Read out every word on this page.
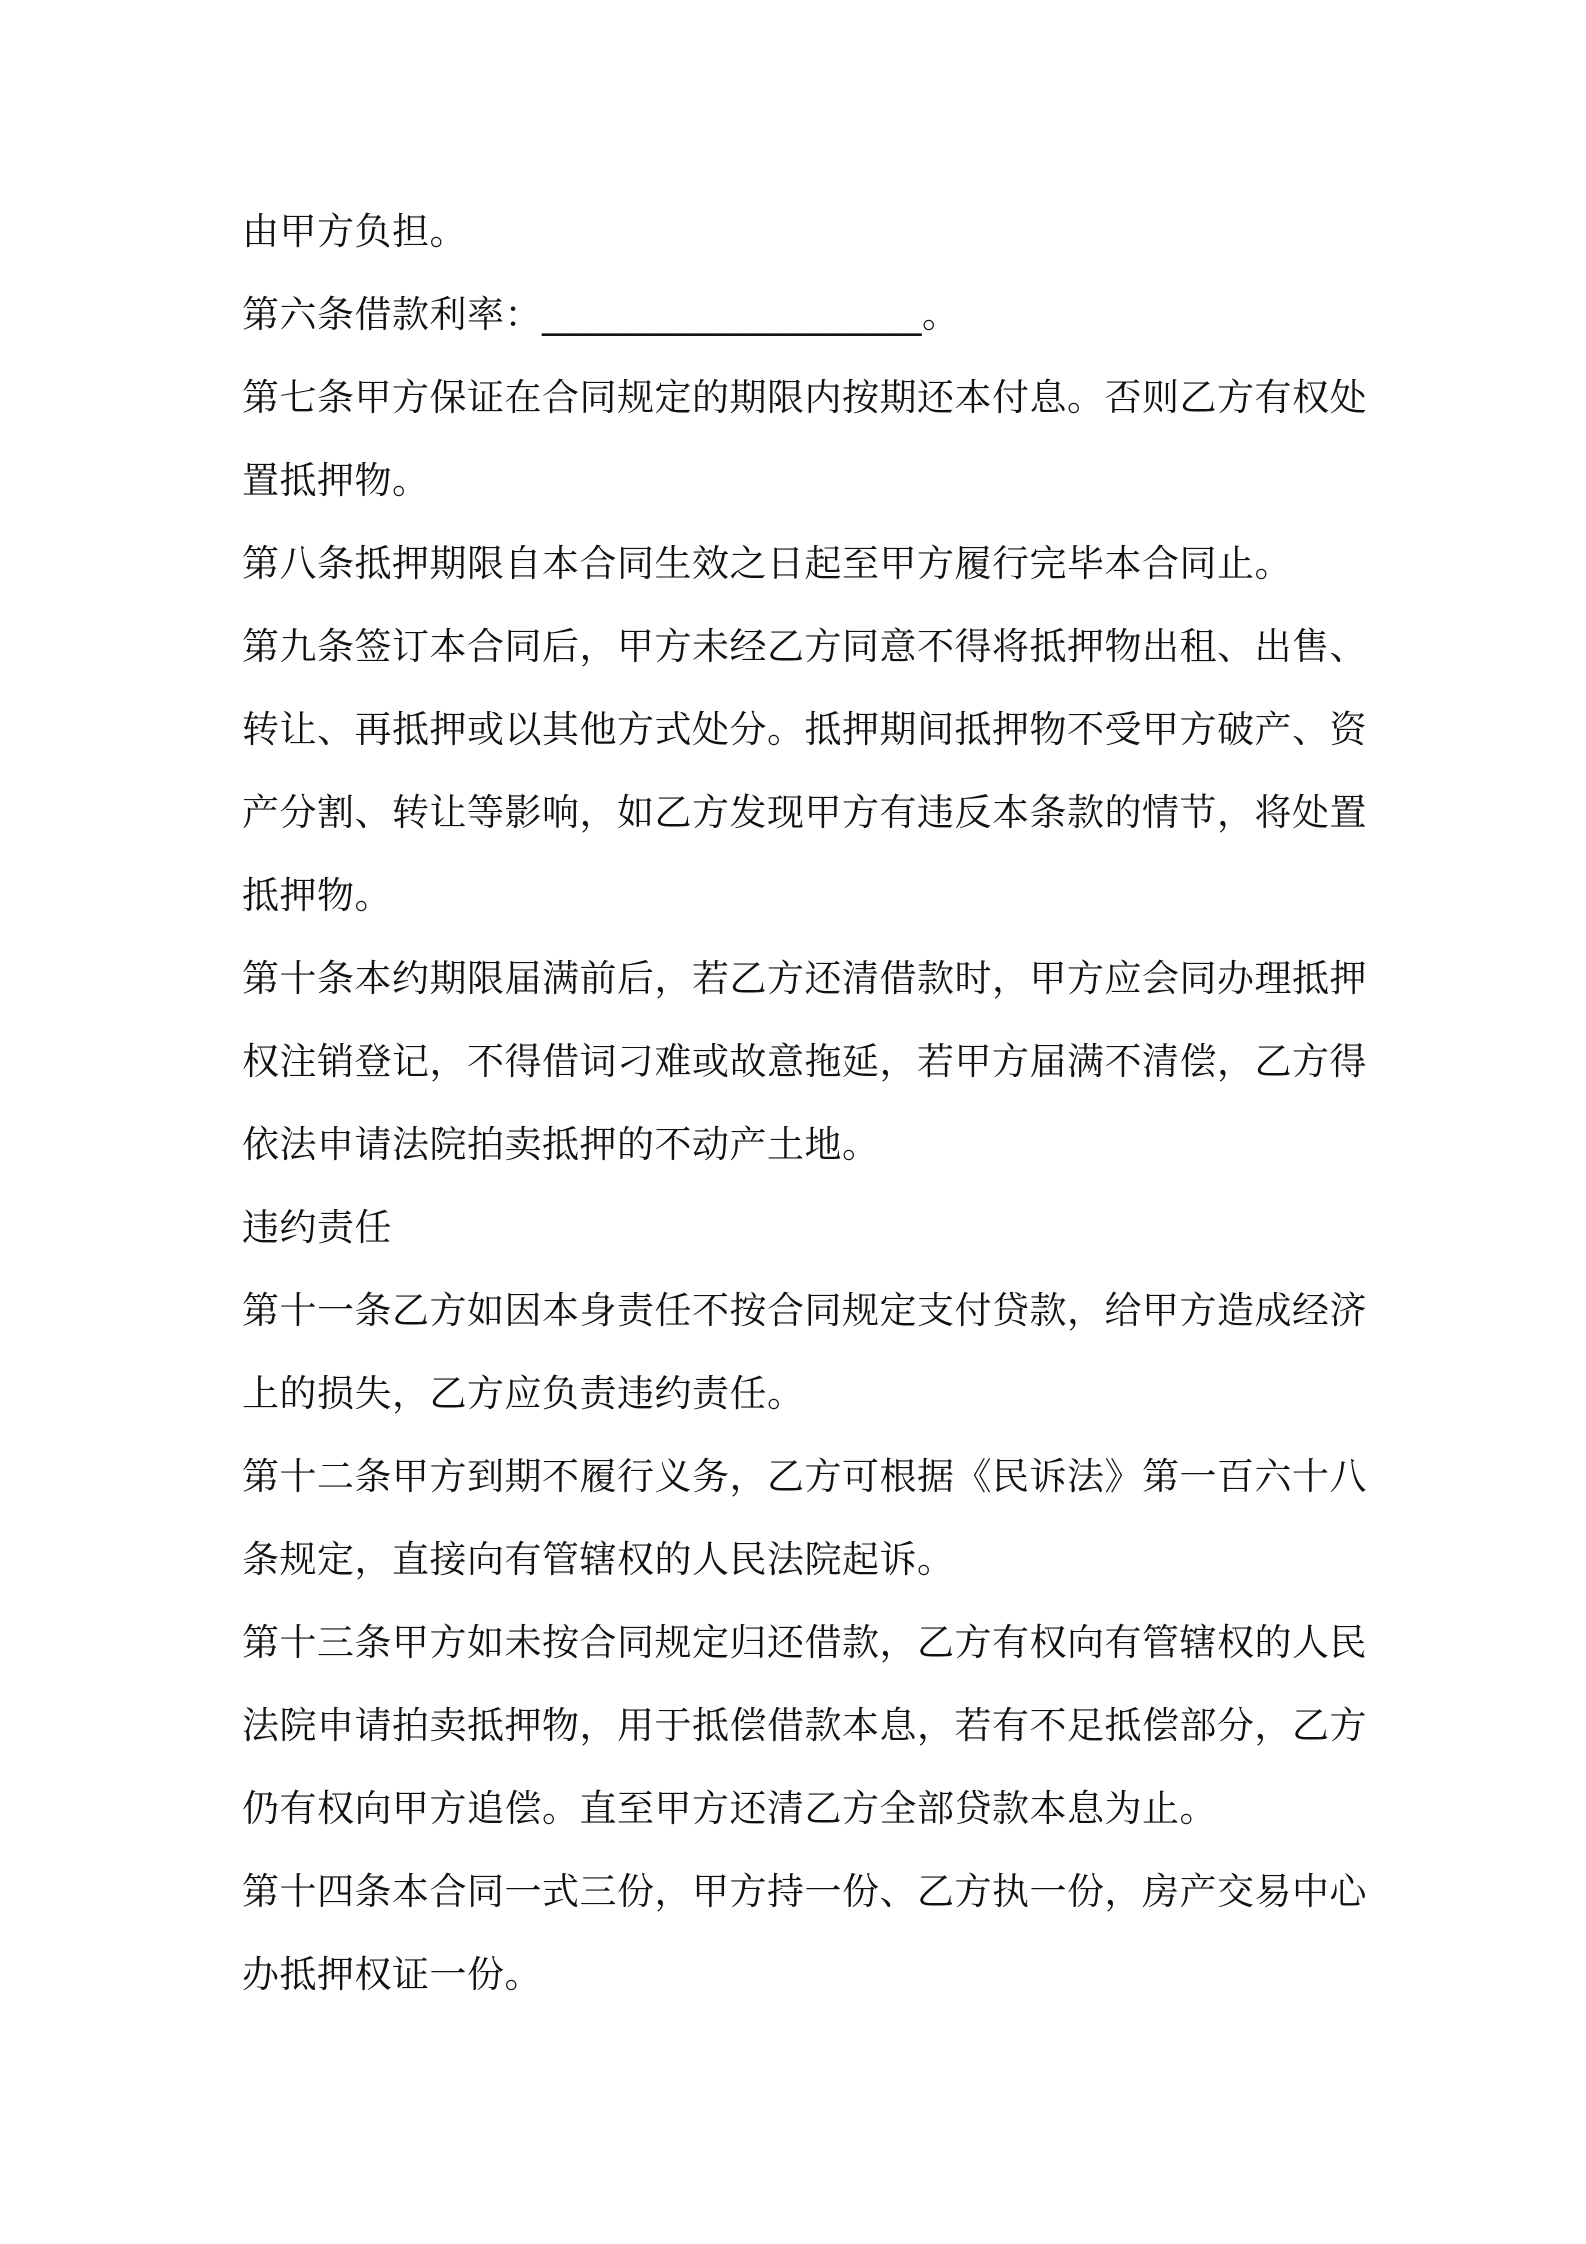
由甲方负担。
第六条借款利率：____________________。
第七条甲方保证在合同规定的期限内按期还本付息。否则乙方有权处
置抵押物。
第八条抵押期限自本合同生效之日起至甲方履行完毕本合同止。
第九条签订本合同后，甲方未经乙方同意不得将抵押物出租、出售、
转让、再抵押或以其他方式处分。抵押期间抵押物不受甲方破产、资
产分割、转让等影响，如乙方发现甲方有违反本条款的情节，将处置
抵押物。
第十条本约期限届满前后，若乙方还清借款时，甲方应会同办理抵押
权注销登记，不得借词刁难或故意拖延，若甲方届满不清偿，乙方得
依法申请法院拍卖抵押的不动产土地。
违约责任
第十一条乙方如因本身责任不按合同规定支付贷款，给甲方造成经济
上的损失，乙方应负责违约责任。
第十二条甲方到期不履行义务，乙方可根据《民诉法》第一百六十八
条规定，直接向有管辖权的人民法院起诉。
第十三条甲方如未按合同规定归还借款，乙方有权向有管辖权的人民
法院申请拍卖抵押物，用于抵偿借款本息，若有不足抵偿部分，乙方
仍有权向甲方追偿。直至甲方还清乙方全部贷款本息为止。
第十四条本合同一式三份，甲方持一份、乙方执一份，房产交易中心
办抵押权证一份。
